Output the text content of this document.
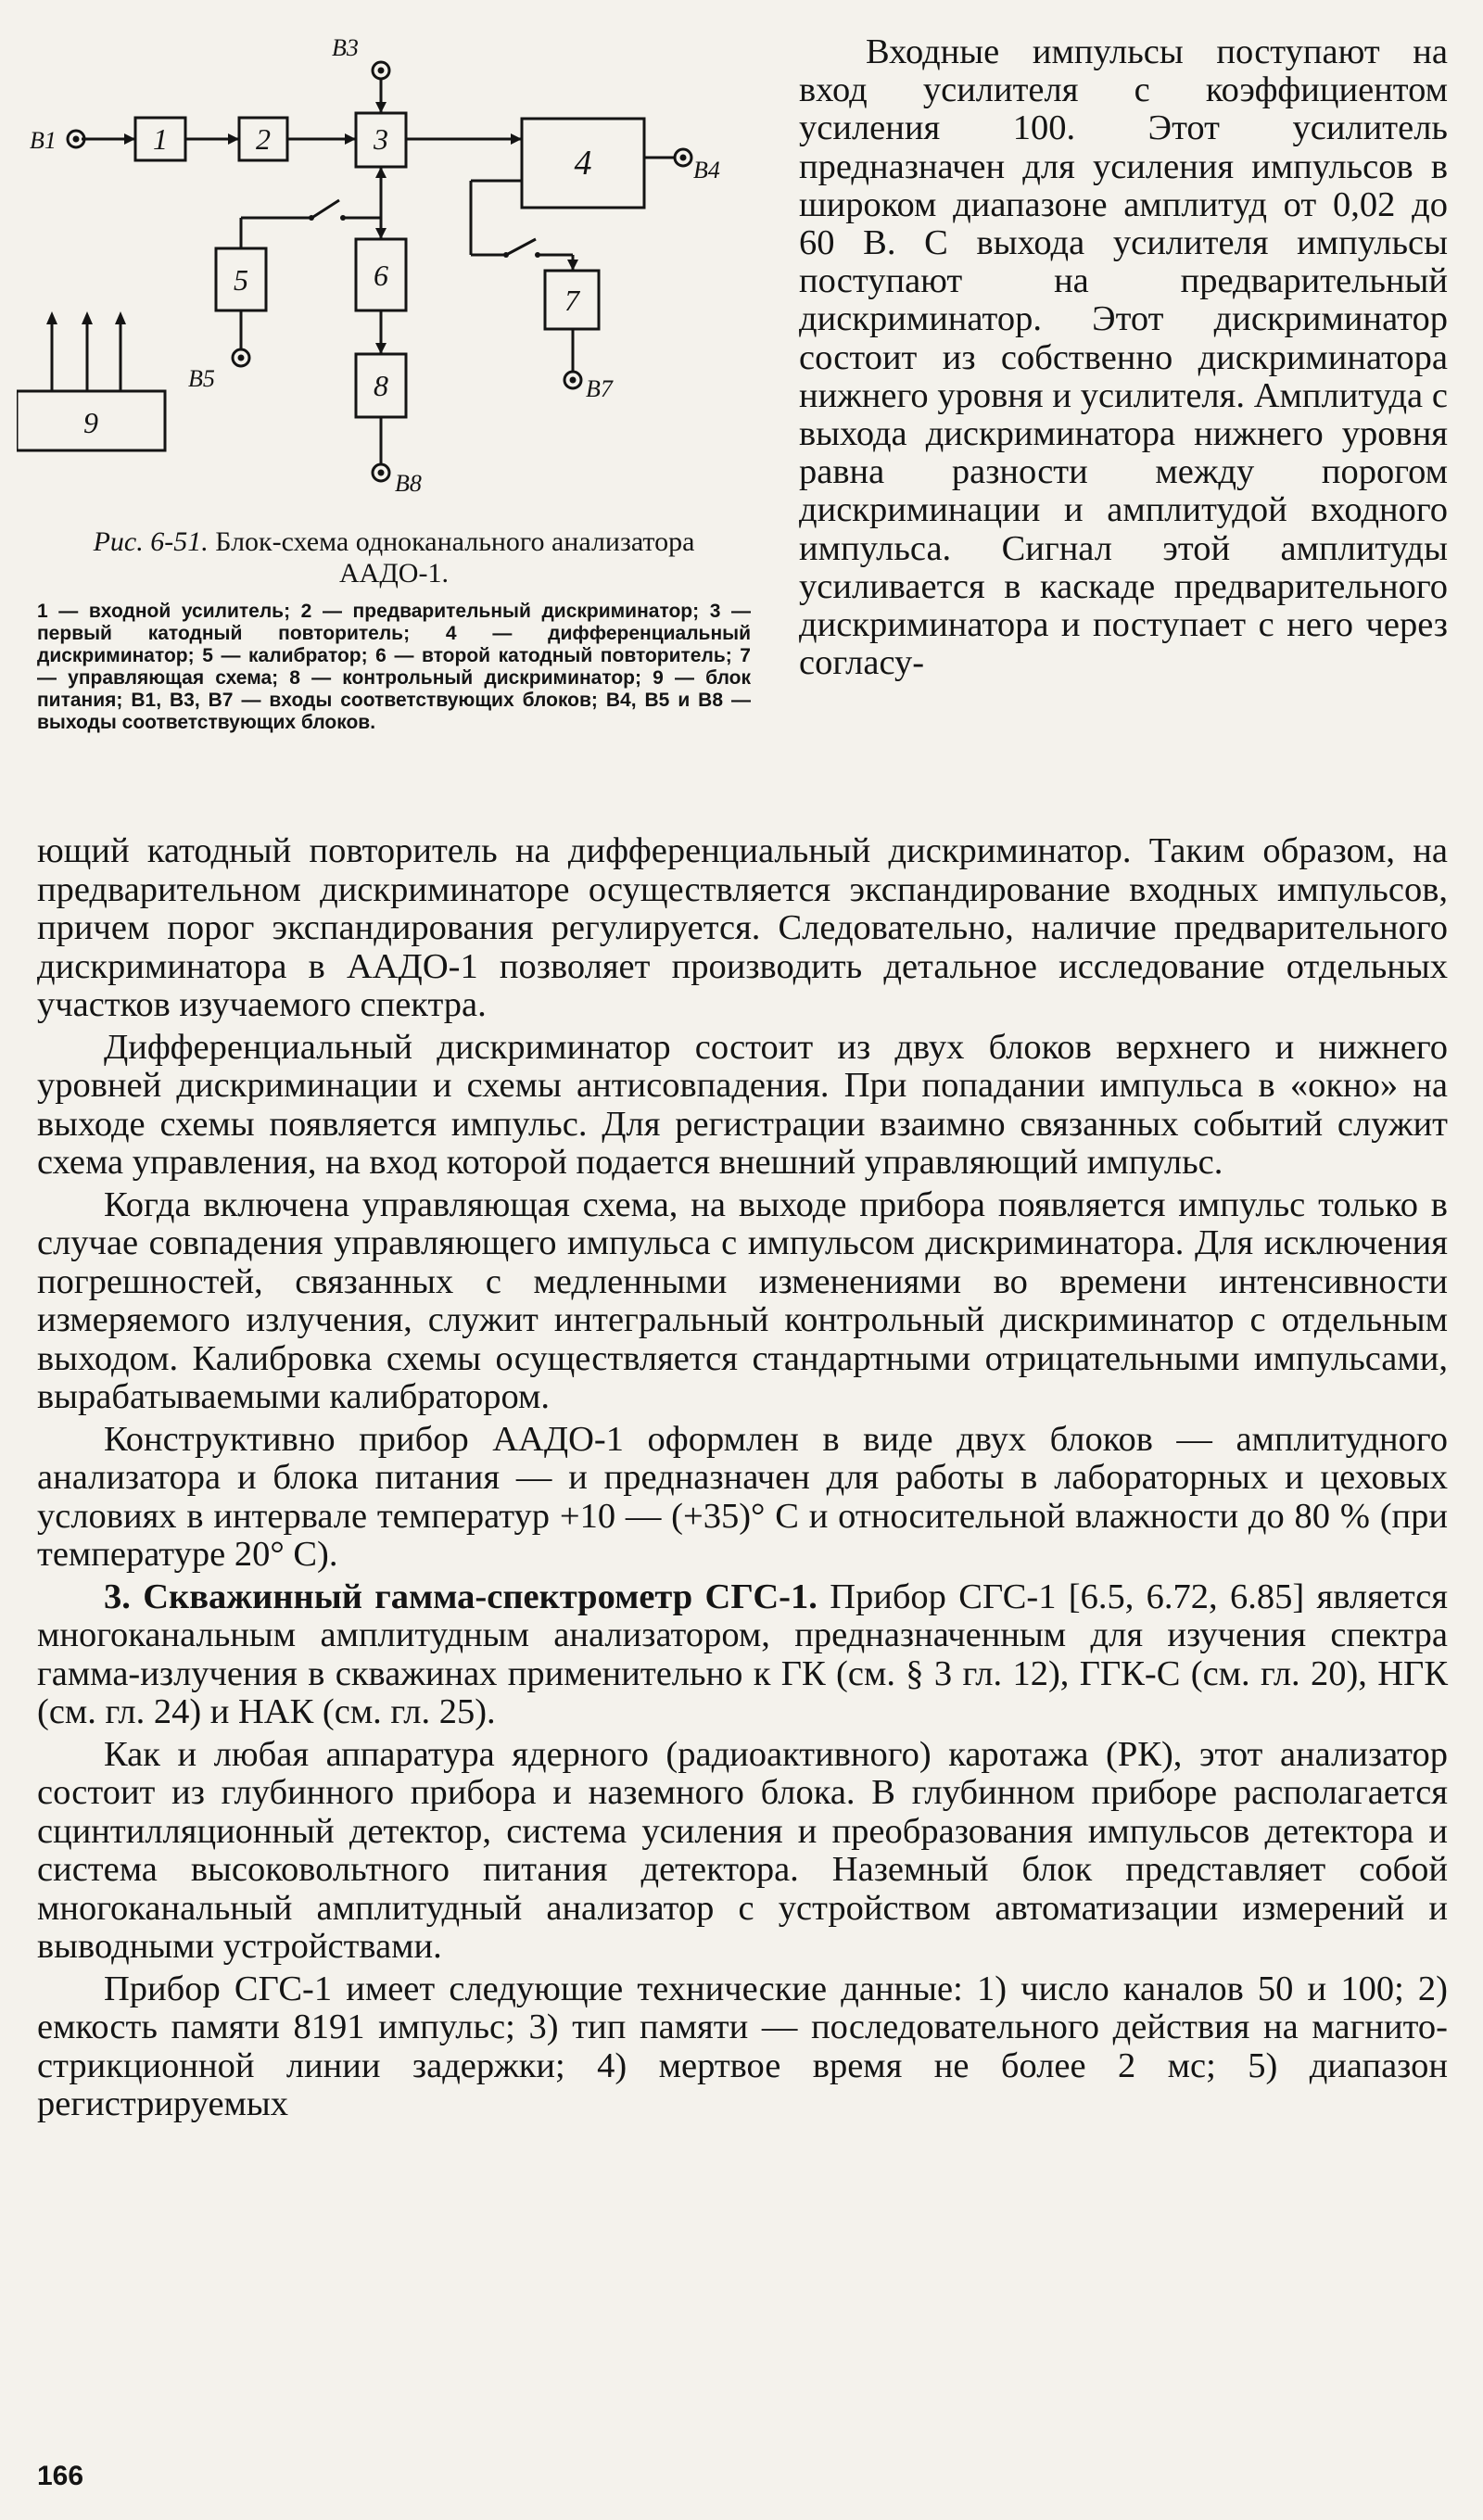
1	2	3
4
5	6
7
8
9
B1
B3
B4
B5	B7
B8
Рис. 6-51. Блок-схема одноканального анализатора ААДО-1.
1 — входной усилитель; 2 — предварительный дискриминатор; 3 — первый катодный повторитель; 4 — дифференциальный дискриминатор; 5 — калибратор; 6 — второй катодный повторитель; 7 — управляющая схема; 8 — контрольный дискриминатор; 9 — блок питания; B1, B3, B7 — входы соответствующих блоков; B4, B5 и B8 — выходы соответствующих блоков.
Входные импульсы поступают на вход усилителя с коэффициентом усиления 100. Этот усилитель предназначен для усиления импульсов в широком диапазоне амплитуд от 0,02 до 60 В. С выхода усилителя импульсы поступают на предварительный дискриминатор. Этот дискриминатор состоит из собственно дискриминатора нижнего уровня и усилителя. Амплитуда с выхода дискриминатора нижнего уровня равна разности между порогом дискриминации и амплитудой входного импульса. Сигнал этой амплитуды усиливается в каскаде предварительного дискриминатора и поступает с него через согласу-

ющий катодный повторитель на дифференциальный дискриминатор. Таким образом, на предварительном дискриминаторе осуществляется экспандирование входных импульсов, причем порог экспандирования регулируется. Следовательно, наличие предварительного дискриминатора в ААДО-1 позволяет производить детальное исследование отдельных участков изучаемого спектра.

Дифференциальный дискриминатор состоит из двух блоков верхнего и нижнего уровней дискриминации и схемы антисовпадения. При попадании импульса в «окно» на выходе схемы появляется импульс. Для регистрации взаимно связанных событий служит схема управления, на вход которой подается внешний управляющий импульс.

Когда включена управляющая схема, на выходе прибора появляется импульс только в случае совпадения управляющего импульса с импульсом дискриминатора. Для исключения погрешностей, связанных с медленными изменениями во времени интенсивности измеряемого излучения, служит интегральный контрольный дискриминатор с отдельным выходом. Калибровка схемы осуществляется стандартными отрицательными импульсами, вырабатываемыми калибратором.

Конструктивно прибор ААДО-1 оформлен в виде двух блоков — амплитудного анализатора и блока питания — и предназначен для работы в лабораторных и цеховых условиях в интервале температур +10 — (+35)° С и относительной влажности до 80 % (при температуре 20° С).

3. Скважинный гамма-спектрометр СГС-1. Прибор СГС-1 [6.5, 6.72, 6.85] является многоканальным амплитудным анализатором, предназначенным для изучения спектра гамма-излучения в скважинах применительно к ГК (см. § 3 гл. 12), ГГК-С (см. гл. 20), НГК (см. гл. 24) и НАК (см. гл. 25).

Как и любая аппаратура ядерного (радиоактивного) каротажа (РК), этот анализатор состоит из глубинного прибора и наземного блока. В глубинном приборе располагается сцинтилляционный детектор, система усиления и преобразования импульсов детектора и система высоковольтного питания детектора. Наземный блок представляет собой многоканальный амплитудный анализатор с устройством автоматизации измерений и выводными устройствами.

Прибор СГС-1 имеет следующие технические данные: 1) число каналов 50 и 100; 2) емкость памяти 8191 импульс; 3) тип памяти — последовательного действия на магнито-стрикционной линии задержки; 4) мертвое время не более 2 мс; 5) диапазон регистрируемых

166
